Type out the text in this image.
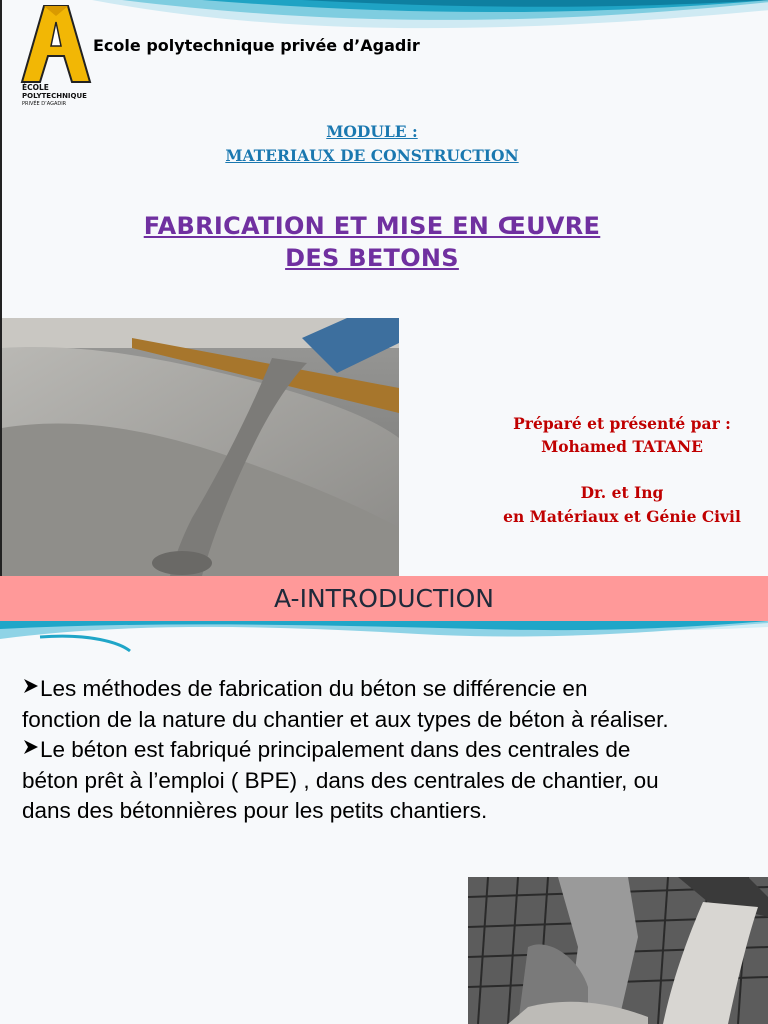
ÉCOLE
POLYTECHNIQUE
PRIVÉE D’AGADIR
Ecole polytechnique privée d’Agadir
MODULE :
MATERIAUX DE CONSTRUCTION
FABRICATION ET MISE EN ŒUVRE
DES BETONS
Préparé et présenté par :
Mohamed TATANE
Dr. et Ing
en Matériaux et Génie Civil
A-INTRODUCTION

Les méthodes de fabrication du béton se différencie en
fonction de la nature du chantier et aux types de béton à réaliser.

Le béton est fabriqué principalement dans des centrales de
béton prêt à l’emploi ( BPE) , dans des centrales de chantier, ou
dans des bétonnières pour les petits chantiers.
